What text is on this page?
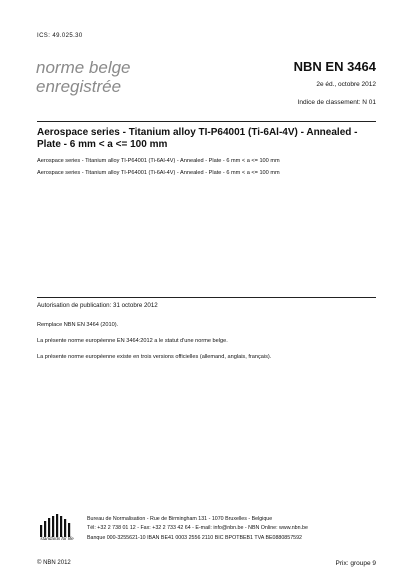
ICS: 49.025.30
norme belge
enregistrée
NBN EN 3464
2e éd., octobre 2012
Indice de classement: N 01
Aerospace series - Titanium alloy TI-P64001 (Ti-6Al-4V) - Annealed - Plate - 6 mm < a <= 100 mm
Aerospace series - Titanium alloy TI-P64001 (Ti-6Al-4V) - Annealed - Plate - 6 mm < a <= 100 mm
Aerospace series - Titanium alloy TI-P64001 (Ti-6Al-4V) - Annealed - Plate - 6 mm < a <= 100 mm
Autorisation de publication: 31 octobre 2012
Remplace NBN EN 3464 (2010).
La présente norme européenne EN 3464:2012 a le statut d'une norme belge.
La présente norme européenne existe en trois versions officielles (allemand, anglais, français).
standards for life
Bureau de Normalisation - Rue de Birmingham 131 - 1070 Bruxelles - Belgique
Tél: +32 2 738 01 12 - Fax: +32 2 733 42 64 - E-mail: info@nbn.be - NBN Online: www.nbn.be
Banque 000-3255621-10 IBAN BE41 0003 2556 2110 BIC BPOTBEB1 TVA BE0880857592
© NBN 2012	Prix: groupe 9
